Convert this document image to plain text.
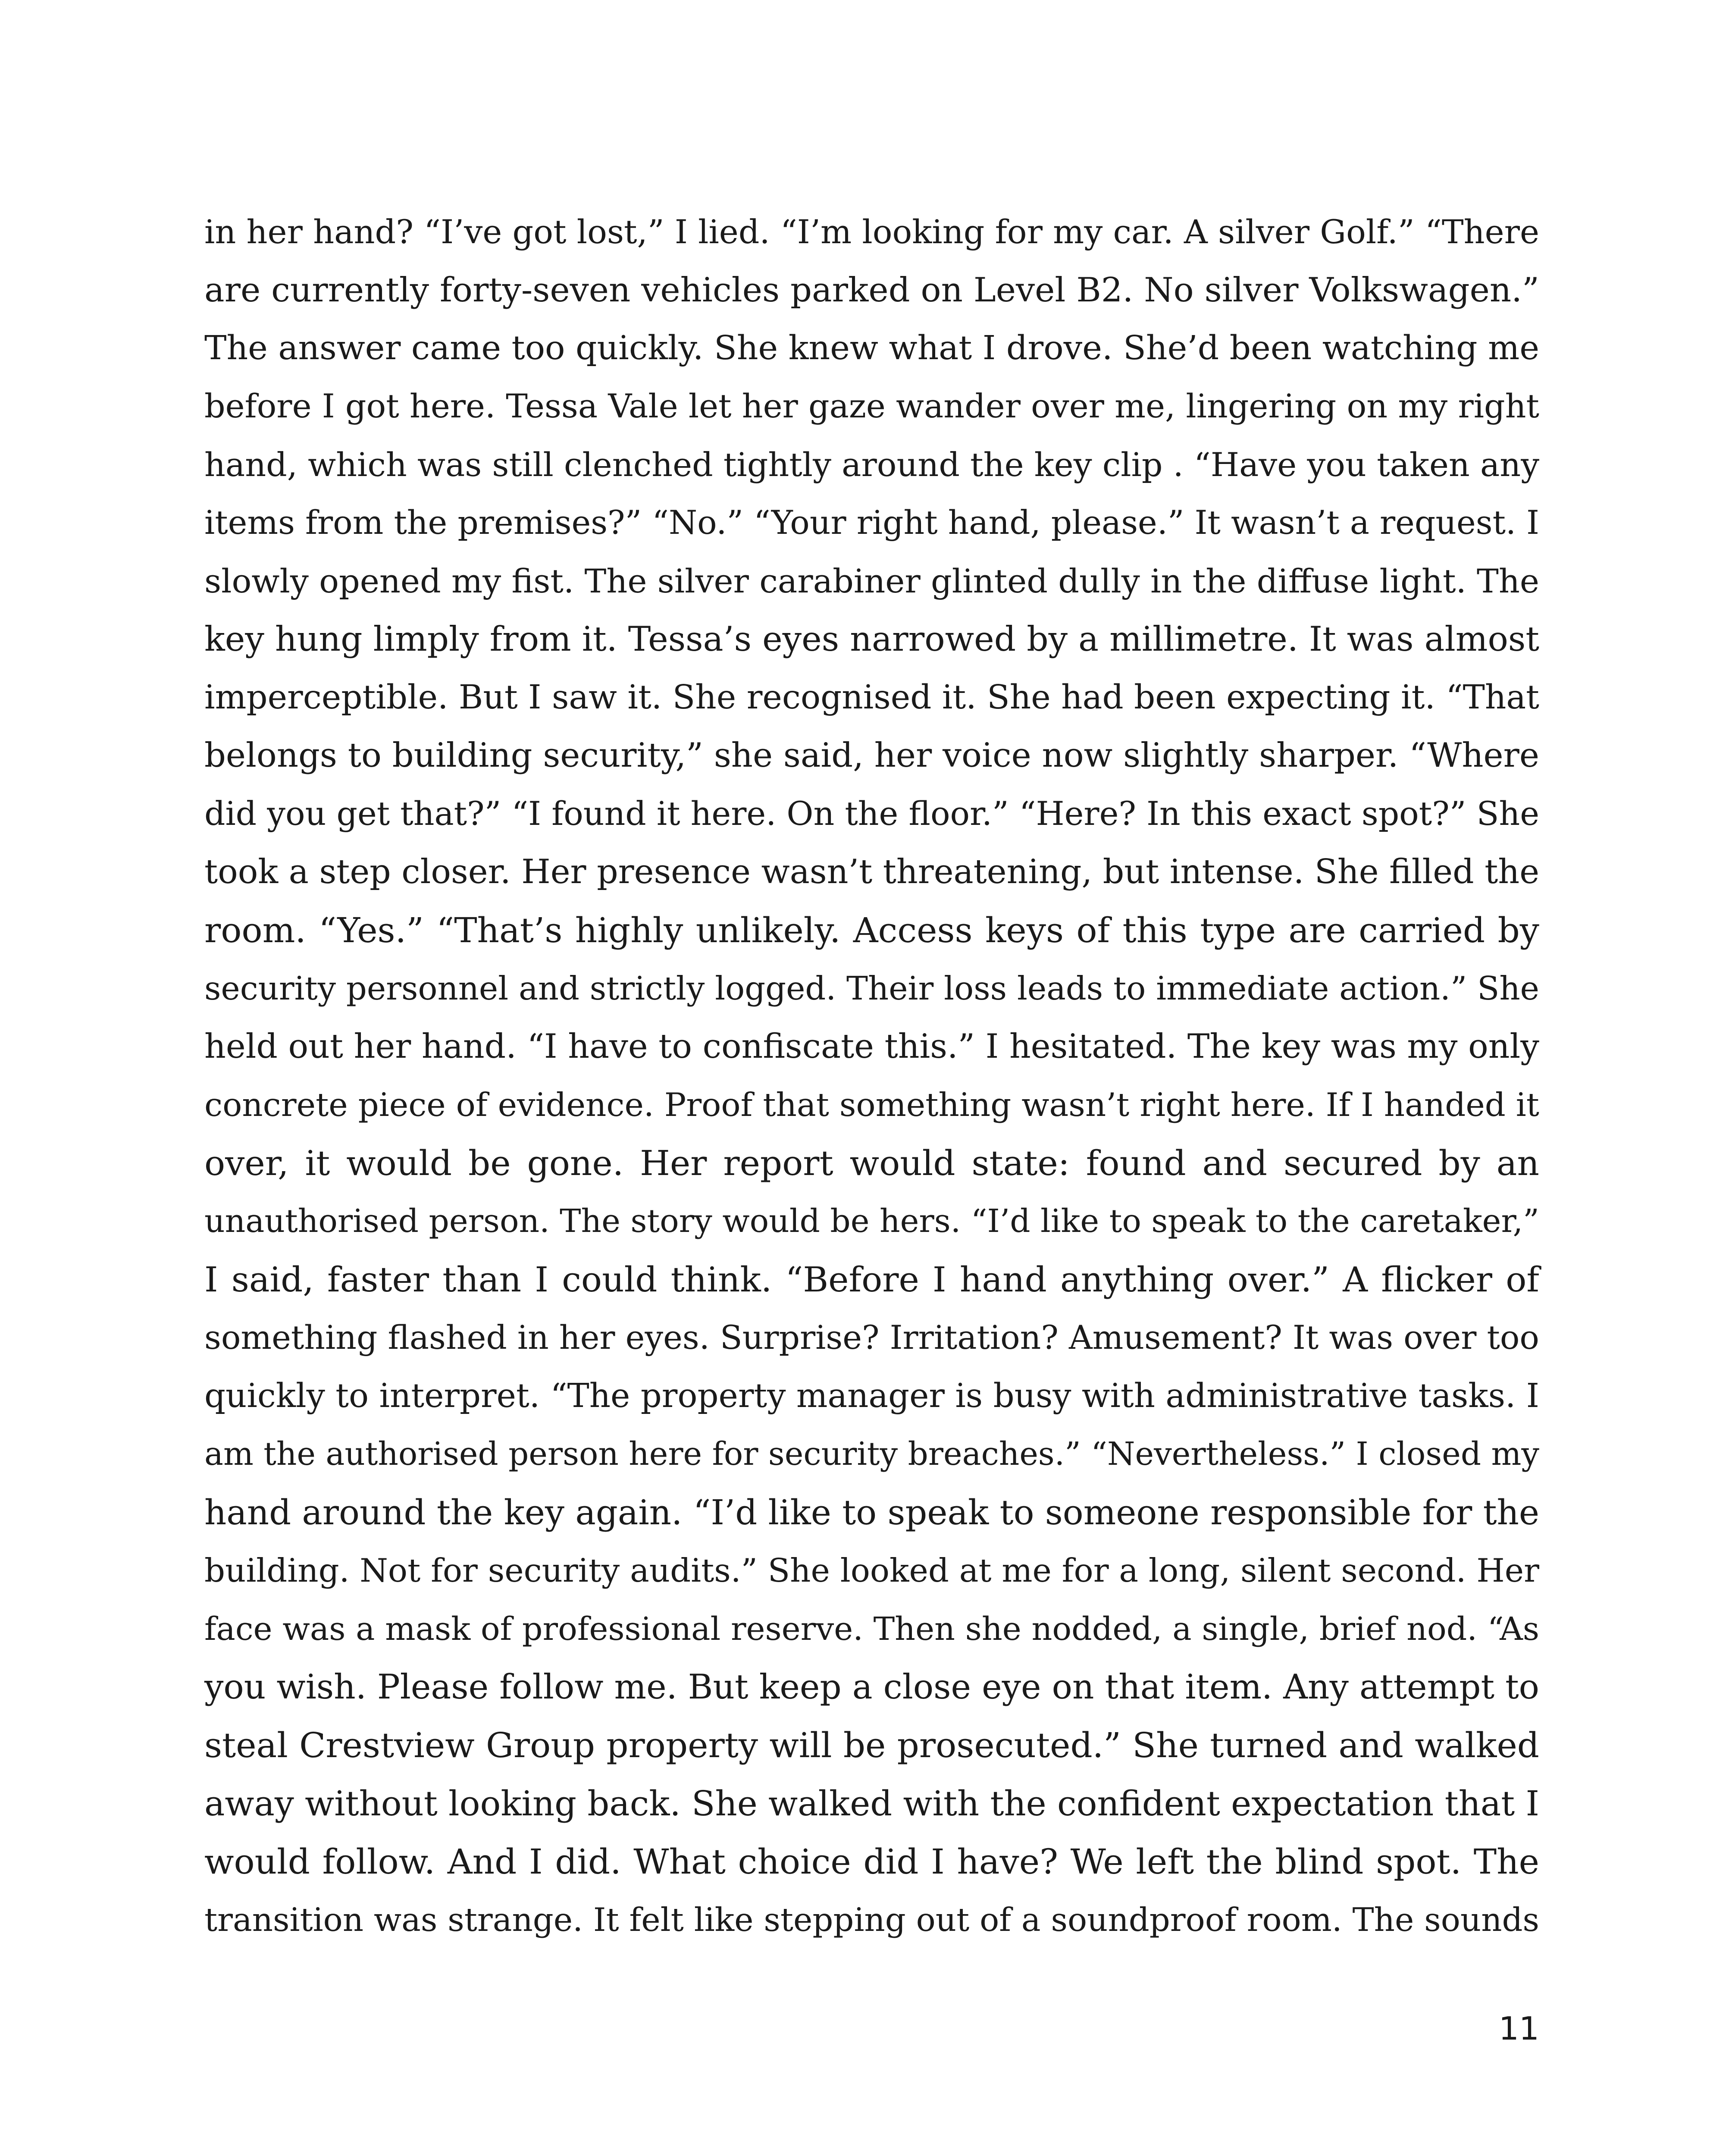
in her hand? “I’ve got lost,” I lied. “I’m looking for my car. A silver Golf.” “There
are currently forty-seven vehicles parked on Level B2. No silver Volkswagen.”
The answer came too quickly. She knew what I drove. She’d been watching me
before I got here. Tessa Vale let her gaze wander over me, lingering on my right
hand, which was still clenched tightly around the key clip . “Have you taken any
items from the premises?” “No.” “Your right hand, please.” It wasn’t a request. I
slowly opened my fist. The silver carabiner glinted dully in the diffuse light. The
key hung limply from it. Tessa’s eyes narrowed by a millimetre. It was almost
imperceptible. But I saw it. She recognised it. She had been expecting it. “That
belongs to building security,” she said, her voice now slightly sharper. “Where
did you get that?” “I found it here. On the floor.” “Here? In this exact spot?” She
took a step closer. Her presence wasn’t threatening, but intense. She filled the
room. “Yes.” “That’s highly unlikely. Access keys of this type are carried by
security personnel and strictly logged. Their loss leads to immediate action.” She
held out her hand. “I have to confiscate this.” I hesitated. The key was my only
concrete piece of evidence. Proof that something wasn’t right here. If I handed it
over, it would be gone. Her report would state: found and secured by an
unauthorised person. The story would be hers. “I’d like to speak to the caretaker,”
I said, faster than I could think. “Before I hand anything over.” A flicker of
something flashed in her eyes. Surprise? Irritation? Amusement? It was over too
quickly to interpret. “The property manager is busy with administrative tasks. I
am the authorised person here for security breaches.” “Nevertheless.” I closed my
hand around the key again. “I’d like to speak to someone responsible for the
building. Not for security audits.” She looked at me for a long, silent second. Her
face was a mask of professional reserve. Then she nodded, a single, brief nod. “As
you wish. Please follow me. But keep a close eye on that item. Any attempt to
steal Crestview Group property will be prosecuted.” She turned and walked
away without looking back. She walked with the confident expectation that I
would follow. And I did. What choice did I have? We left the blind spot. The
transition was strange. It felt like stepping out of a soundproof room. The sounds
11
